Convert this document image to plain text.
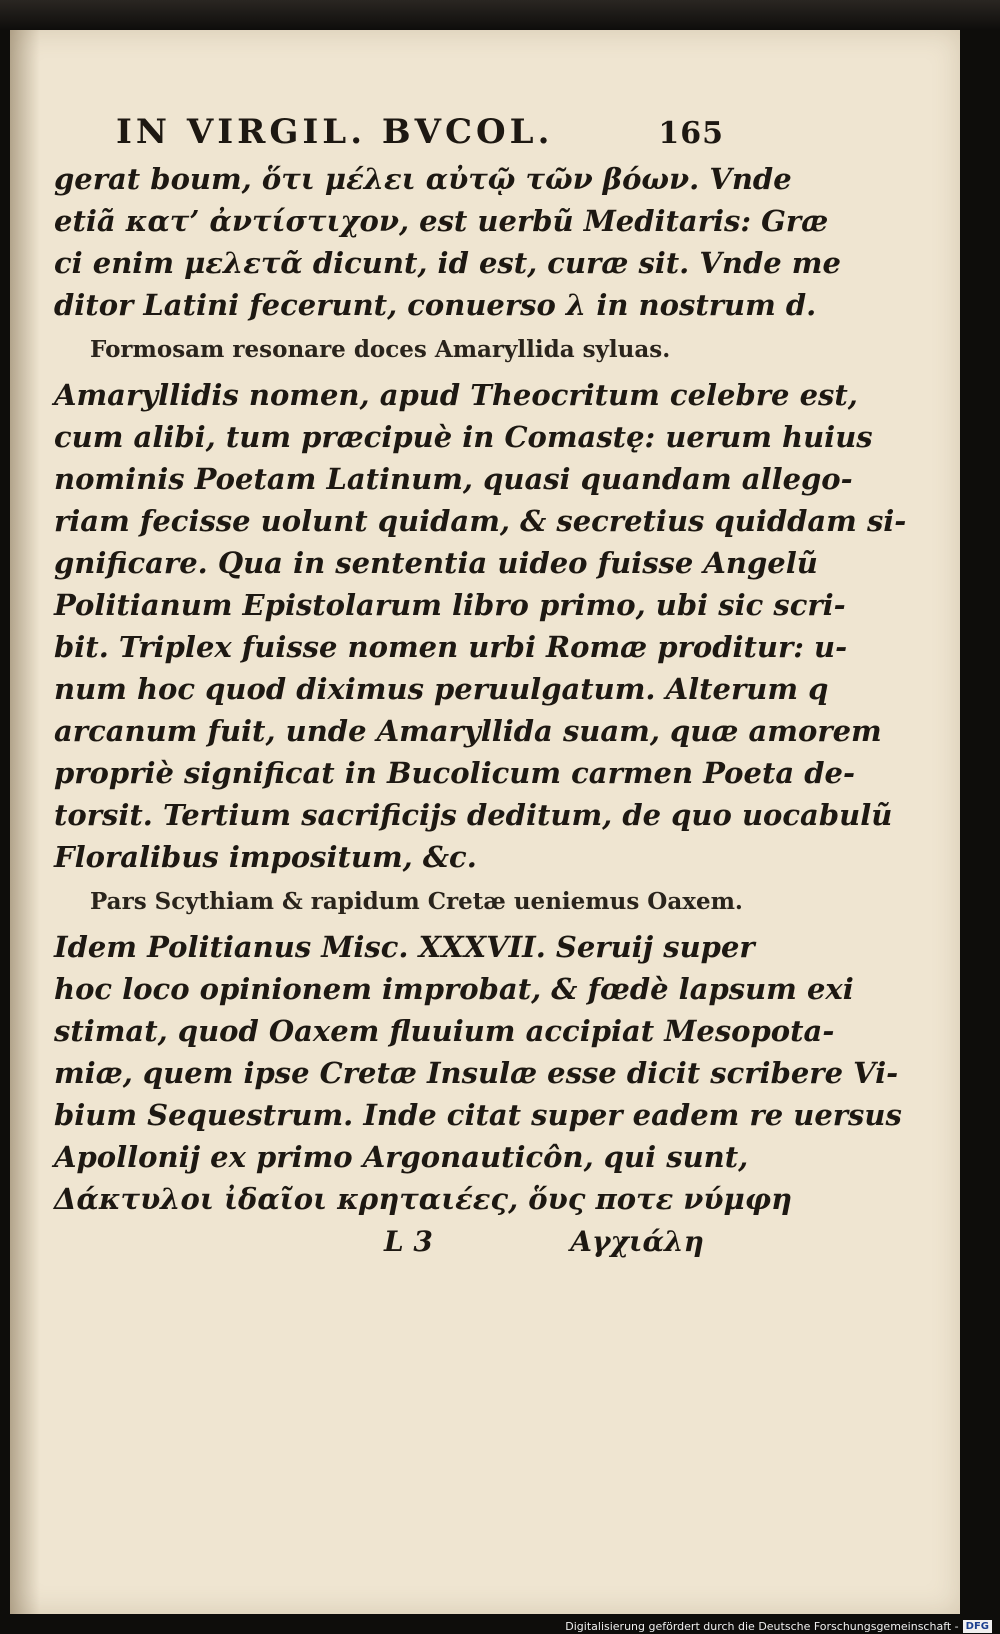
IN VIRGIL. BVCOL.	165
gerat boum, ὅτι μέλει αὐτῷ τῶν βόων. Vnde
etiã κατ’ ἀντίστιχον, est uerbũ Meditaris: Græ
ci enim μελετᾶ dicunt, id est, curæ sit. Vnde me
ditor Latini fecerunt, conuerso λ in nostrum d.
Formosam resonare doces Amaryllida syluas.
Amaryllidis nomen, apud Theocritum celebre est,
cum alibi, tum præcipuè in Comastę: uerum huius
nominis Poetam Latinum, quasi quandam allego-
riam fecisse uolunt quidam, & secretius quiddam si-
gnificare. Qua in sententia uideo fuisse Angelũ
Politianum Epistolarum libro primo, ubi sic scri-
bit. Triplex fuisse nomen urbi Romæ proditur: u-
num hoc quod diximus peruulgatum. Alterum q
arcanum fuit, unde Amaryllida suam, quæ amorem
propriè significat in Bucolicum carmen Poeta de-
torsit. Tertium sacrificijs deditum, de quo uocabulũ
Floralibus impositum, &c.
Pars Scythiam & rapidum Cretæ ueniemus Oaxem.
Idem Politianus Misc. XXXVII. Seruij super
hoc loco opinionem improbat, & fœdè lapsum exi
stimat, quod Oaxem fluuium accipiat Mesopota-
miæ, quem ipse Cretæ Insulæ esse dicit scribere Vi-
bium Sequestrum. Inde citat super eadem re uersus
Apollonij ex primo Argonauticôn, qui sunt,
Δάκτυλοι ἰδαῖοι κρηταιέες, ὅυς ποτε νύμφη
L 3	Αγχιάλη
Digitalisierung gefördert durch die Deutsche Forschungsgemeinschaft - DFG
